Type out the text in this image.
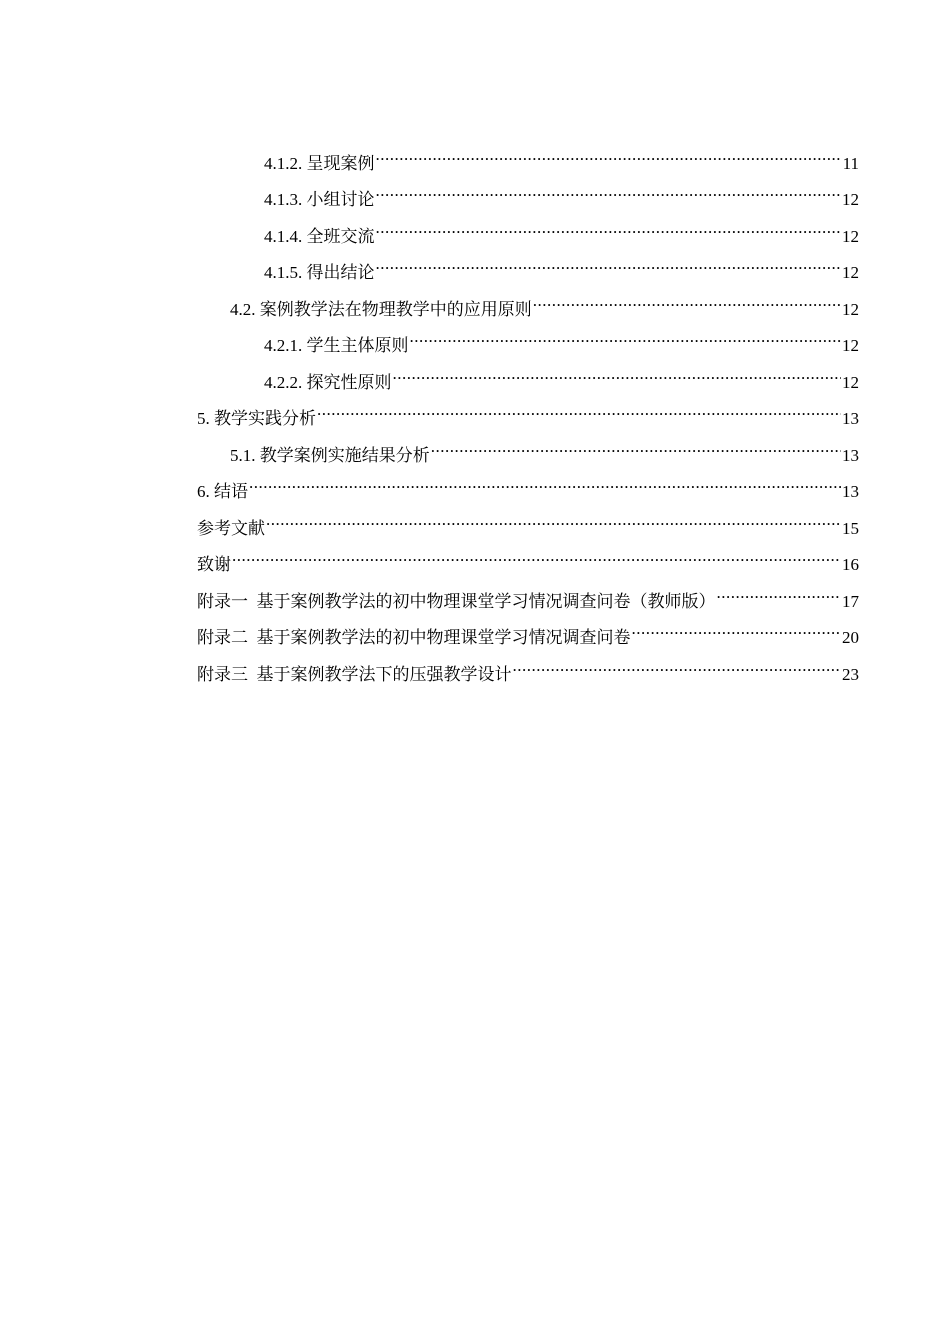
4.1.2. 呈现案例 .....	11
4.1.3. 小组讨论 .....	12
4.1.4. 全班交流 .....	12
4.1.5. 得出结论 .....	12
4.2. 案例教学法在物理教学中的应用原则 .....	12
4.2.1. 学生主体原则 .....	12
4.2.2. 探究性原则 .....	12
5. 教学实践分析 .....	13
5.1. 教学案例实施结果分析 .....	13
6. 结语 .....	13
参考文献 .....	15
致谢 .....	16
附录一  基于案例教学法的初中物理课堂学习情况调查问卷（教师版） .....	17
附录二  基于案例教学法的初中物理课堂学习情况调查问卷 .....	20
附录三  基于案例教学法下的压强教学设计 .....	23
